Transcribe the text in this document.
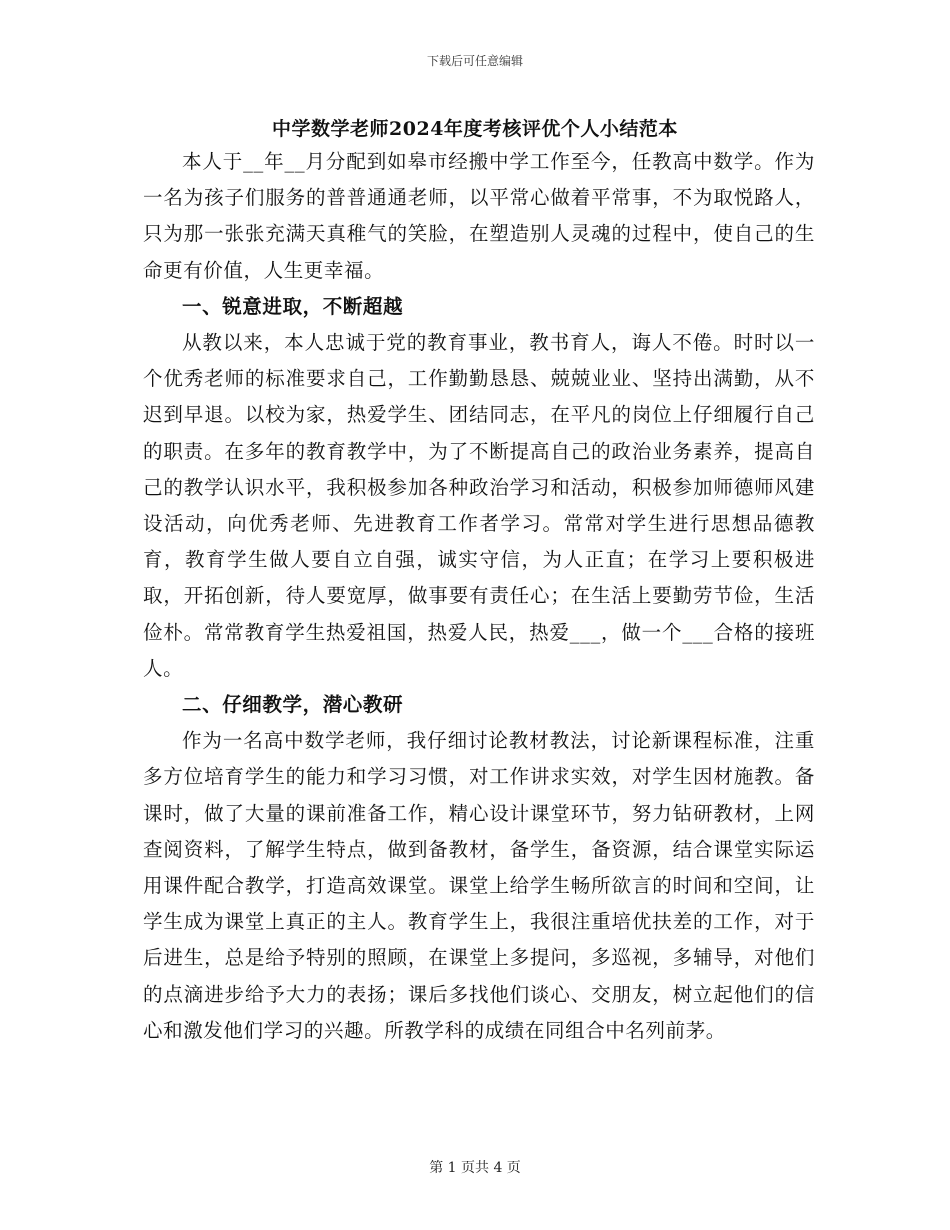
下载后可任意编辑
中学数学老师2024年度考核评优个人小结范本

本人于__年__月分配到如皋市经搬中学工作至今，任教高中数学。作为一名为孩子们服务的普普通通老师，以平常心做着平常事，不为取悦路人，只为那一张张充满天真稚气的笑脸，在塑造别人灵魂的过程中，使自己的生命更有价值，人生更幸福。

一、锐意进取，不断超越

从教以来，本人忠诚于党的教育事业，教书育人，诲人不倦。时时以一个优秀老师的标准要求自己，工作勤勤恳恳、兢兢业业、坚持出满勤，从不迟到早退。以校为家，热爱学生、团结同志，在平凡的岗位上仔细履行自己的职责。在多年的教育教学中，为了不断提高自己的政治业务素养，提高自己的教学认识水平，我积极参加各种政治学习和活动，积极参加师德师风建设活动，向优秀老师、先进教育工作者学习。常常对学生进行思想品德教育，教育学生做人要自立自强，诚实守信，为人正直；在学习上要积极进取，开拓创新，待人要宽厚，做事要有责任心；在生活上要勤劳节俭，生活俭朴。常常教育学生热爱祖国，热爱人民，热爱___，做一个___合格的接班人。

二、仔细教学，潜心教研

作为一名高中数学老师，我仔细讨论教材教法，讨论新课程标准，注重多方位培育学生的能力和学习习惯，对工作讲求实效，对学生因材施教。备课时，做了大量的课前准备工作，精心设计课堂环节，努力钻研教材，上网查阅资料，了解学生特点，做到备教材，备学生，备资源，结合课堂实际运用课件配合教学，打造高效课堂。课堂上给学生畅所欲言的时间和空间，让学生成为课堂上真正的主人。教育学生上，我很注重培优扶差的工作，对于后进生，总是给予特别的照顾，在课堂上多提问，多巡视，多辅导，对他们的点滴进步给予大力的表扬；课后多找他们谈心、交朋友，树立起他们的信心和激发他们学习的兴趣。所教学科的成绩在同组合中名列前茅。

第 1 页共 4 页
